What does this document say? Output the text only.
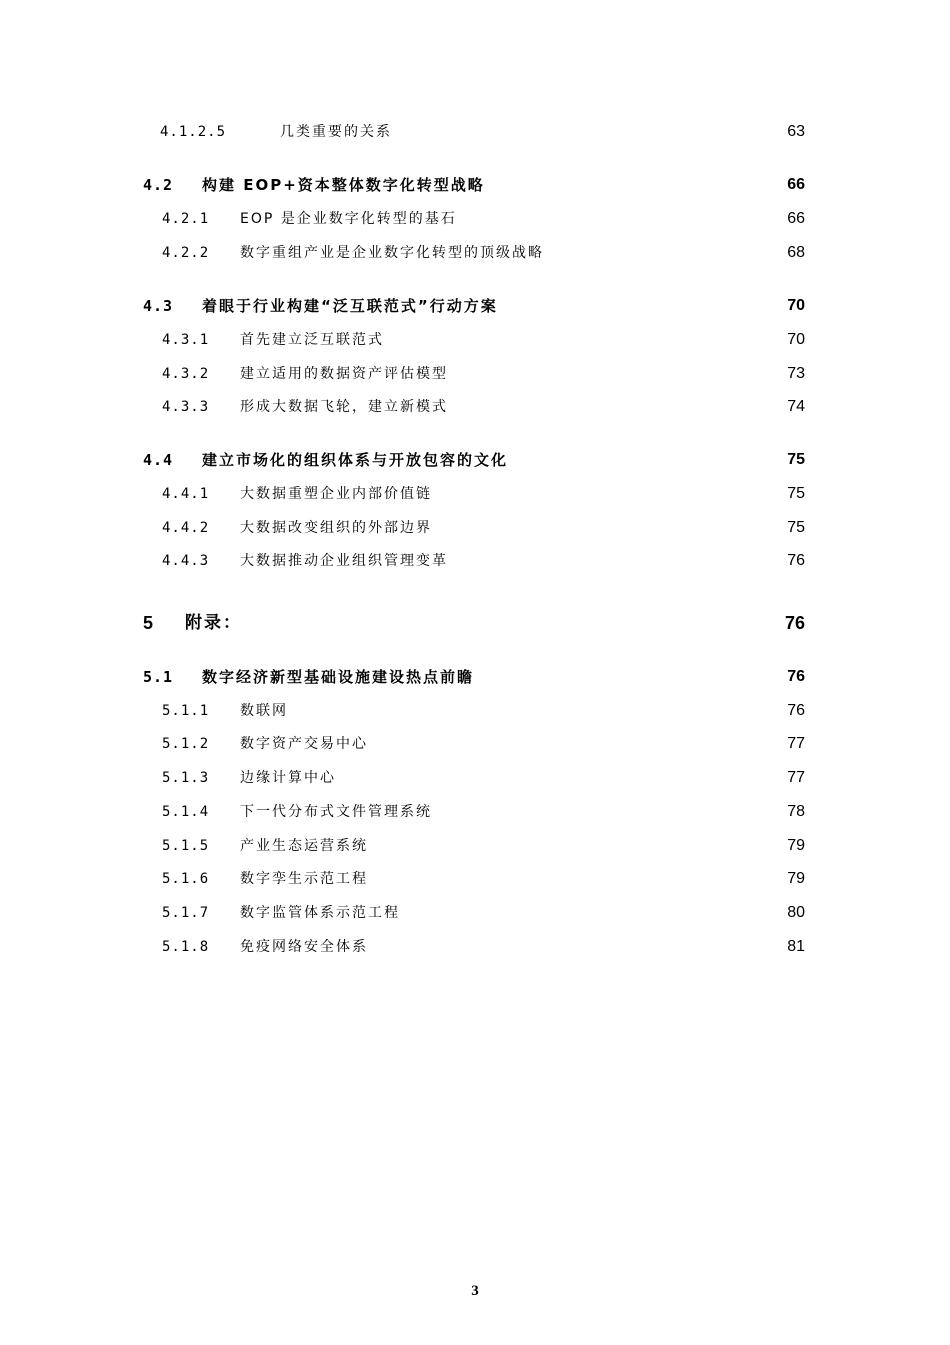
4.1.2.5	几类重要的关系	63
4.2 构建 EOP+资本整体数字化转型战略	66
4.2.1 EOP 是企业数字化转型的基石	66
4.2.2 数字重组产业是企业数字化转型的顶级战略	68
4.3 着眼于行业构建“泛互联范式”行动方案	70
4.3.1 首先建立泛互联范式	70
4.3.2 建立适用的数据资产评估模型	73
4.3.3 形成大数据飞轮，建立新模式	74
4.4 建立市场化的组织体系与开放包容的文化	75
4.4.1 大数据重塑企业内部价值链	75
4.4.2 大数据改变组织的外部边界	75
4.4.3 大数据推动企业组织管理变革	76
5 附录：	76
5.1 数字经济新型基础设施建设热点前瞻	76
5.1.1 数联网	76
5.1.2 数字资产交易中心	77
5.1.3 边缘计算中心	77
5.1.4 下一代分布式文件管理系统	78
5.1.5 产业生态运营系统	79
5.1.6 数字孪生示范工程	79
5.1.7 数字监管体系示范工程	80
5.1.8 免疫网络安全体系	81
3
